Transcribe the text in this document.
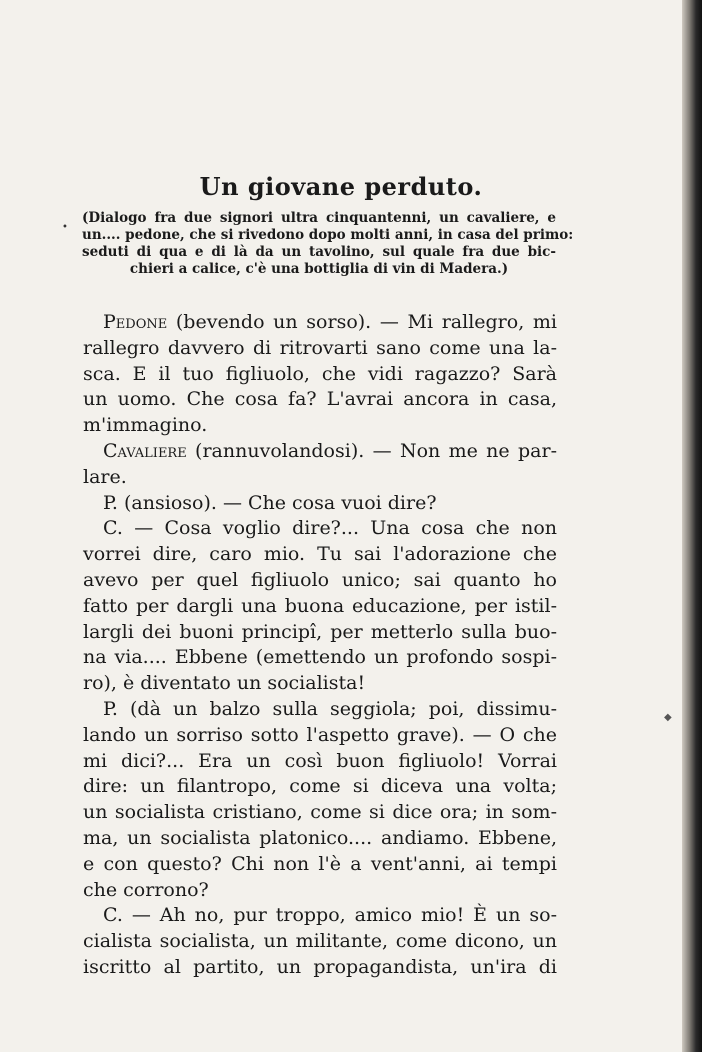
Un giovane perduto.
•
(Dialogo fra due signori ultra cinquantenni, un cavaliere, e
un.... pedone, che si rivedono dopo molti anni, in casa del primo:
seduti di qua e di là da un tavolino, sul quale fra due bic-
chieri a calice, c'è una bottiglia di vin di Madera.)
Pedone (bevendo un sorso). — Mi rallegro, mi
rallegro davvero di ritrovarti sano come una la-
sca. E il tuo figliuolo, che vidi ragazzo? Sarà
un uomo. Che cosa fa? L'avrai ancora in casa,
m'immagino.
Cavaliere (rannuvolandosi). — Non me ne par-
lare.
P. (ansioso). — Che cosa vuoi dire?
C. — Cosa voglio dire?... Una cosa che non
vorrei dire, caro mio. Tu sai l'adorazione che
avevo per quel figliuolo unico; sai quanto ho
fatto per dargli una buona educazione, per istil-
largli dei buoni principî, per metterlo sulla buo-
na via.... Ebbene (emettendo un profondo sospi-
ro), è diventato un socialista!
P. (dà un balzo sulla seggiola; poi, dissimu-
lando un sorriso sotto l'aspetto grave). — O che
mi dici?... Era un così buon figliuolo! Vorrai
dire: un filantropo, come si diceva una volta;
un socialista cristiano, come si dice ora; in som-
ma, un socialista platonico.... andiamo. Ebbene,
e con questo? Chi non l'è a vent'anni, ai tempi
che corrono?
C. — Ah no, pur troppo, amico mio! È un so-
cialista socialista, un militante, come dicono, un
iscritto al partito, un propagandista, un'ira di
◆
